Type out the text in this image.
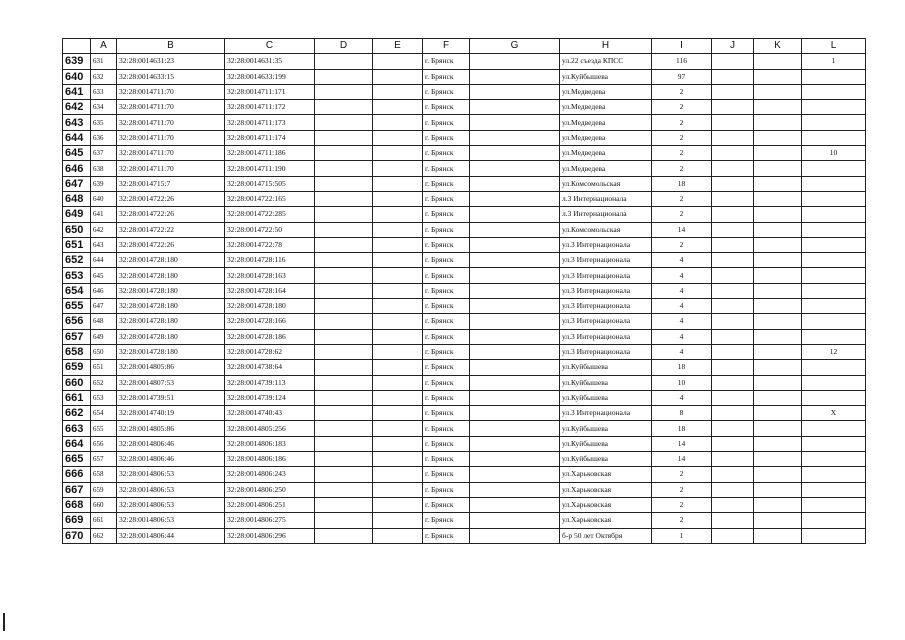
	A	B	C	D	E	F	G	H	I	J	K	L
639	631	32:28:0014631:23	32:28:0014631:35			г. Брянск		ул.22 съезда КПСС	116			1
640	632	32:28:0014633:15	32:28:0014633:199			г. Брянск		ул.Куйбышева	97			
641	633	32:28:0014711:70	32:28:0014711:171			г. Брянск		ул.Медведева	2			
642	634	32:28:0014711:70	32:28:0014711:172			г. Брянск		ул.Медведева	2			
643	635	32:28:0014711:70	32:28:0014711:173			г. Брянск		ул.Медведева	2			
644	636	32:28:0014711:70	32:28:0014711:174			г. Брянск		ул.Медведева	2			
645	637	32:28:0014711:70	32:28:0014711:186			г. Брянск		ул.Медведева	2			10
646	638	32:28:0014711:70	32:28:0014711:190			г. Брянск		ул.Медведева	2			
647	639	32:28:0014715:7	32:28:0014715:505			г. Брянск		ул.Комсомольская	18			
648	640	32:28:0014722:26	32:28:0014722:165			г. Брянск		л.3 Интернационала	2			
649	641	32:28:0014722:26	32:28:0014722:285			г. Брянск		л.3 Интернационала	2			
650	642	32:28:0014722:22	32:28:0014722:50			г. Брянск		ул.Комсомольская	14			
651	643	32:28:0014722:26	32:28:0014722:78			г. Брянск		ул.3 Интернационала	2			
652	644	32:28:0014728:180	32:28:0014728:116			г. Брянск		ул.3 Интернационала	4			
653	645	32:28:0014728:180	32:28:0014728:163			г. Брянск		ул.3 Интернационала	4			
654	646	32:28:0014728:180	32:28:0014728:164			г. Брянск		ул.3 Интернационала	4			
655	647	32:28:0014728:180	32:28:0014728:180			г. Брянск		ул.3 Интернационала	4			
656	648	32:28:0014728:180	32:28:0014728:166			г. Брянск		ул.3 Интернационала	4			
657	649	32:28:0014728:180	32:28:0014728:186			г. Брянск		ул.3 Интернационала	4			
658	650	32:28:0014728:180	32:28:0014728:62			г. Брянск		ул.3 Интернационала	4			12
659	651	32:28:0014805:86	32:28:0014738:64			г. Брянск		ул.Куйбышева	18			
660	652	32:28:0014807:53	32:28:0014739:113			г. Брянск		ул.Куйбышева	10			
661	653	32:28:0014739:51	32:28:0014739:124			г. Брянск		ул.Куйбышева	4			
662	654	32:28:0014740:19	32:28:0014740:43			г. Брянск		ул.3 Интернационала	8			X
663	655	32:28:0014805:86	32:28:0014805:256			г. Брянск		ул.Куйбышева	18			
664	656	32:28:0014806:46	32:28:0014806:183			г. Брянск		ул.Куйбышева	14			
665	657	32:28:0014806:46	32:28:0014806:186			г. Брянск		ул.Куйбышева	14			
666	658	32:28:0014806:53	32:28:0014806:243			г. Брянск		ул.Харьковская	2			
667	659	32:28:0014806:53	32:28:0014806:250			г. Брянск		ул.Харьковская	2			
668	660	32:28:0014806:53	32:28:0014806:251			г. Брянск		ул.Харьковская	2			
669	661	32:28:0014806:53	32:28:0014806:275			г. Брянск		ул.Харьковская	2			
670	662	32:28:0014806:44	32:28:0014806:296			г. Брянск		б-р 50 лет Октября	1			
